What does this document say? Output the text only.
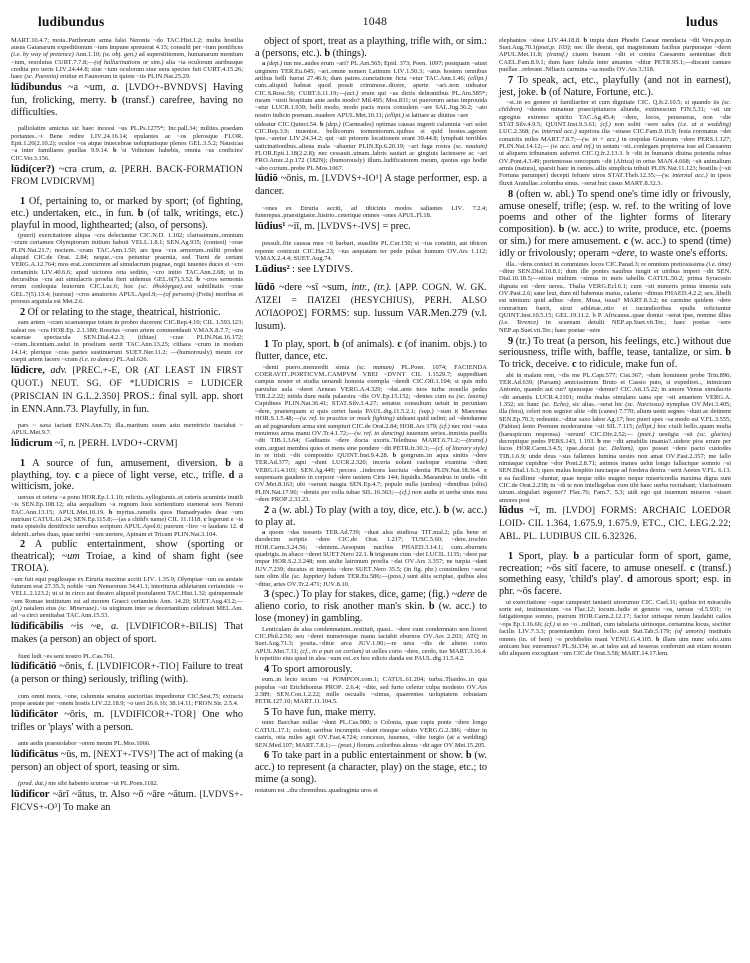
ludibundus	1048	ludus

MART.10.4.7; mota..Parthorum arma falsi Neronis ~do TAC.Hist.1.2; multa hostilia ausus Gaianarum expeditionum ~ium impune spreuerat 4.15; consulti per ~ium pontifices (i.e. by way of pretence) Ann.1.10; (w. obj. gen.) ad superstitionem, humanarum mentium ~ium, reuolutus CURT.7.7.8;—(of hallucinations or sim.) alia ~ia oculorum auribusque credita pro ueris LIV.24.44.8; siue ~ium oculorum siue uera species fuit CURT.4.15.26; haec (sc. Paeonia) eruitur et Faunorum in quiete ~iis PLIN.Nat.25.29.

lūdibundus ~a ~um, a. [LVDO+-BVNDVS] Having fun, frolicking, merry. b (transf.) carefree, having no difficulties.

palliolatim amictus sic haec incessi ~us PL.Ps.1275*; Inc.pall.34; milites..praedam portantes..~i Bene redire LIV.24.16.14; epulantes ac ~os plerosque FLOR. Epit.1.26(2.10.2); oculos ~os atque inuecebrae uoluptatisque plenos GEL.3.5.2; Nausicaa ~a inter familiares puellas 9.9.14. b 'si Volteium habebis, omnia ~us conficies' CIC.Ver.3.156.

lūdi(cer?) ~cra crum, a. [PERH. BACK-FORMATION FROM LVDICRVM]

1 Of, pertaining to, or marked by sport; (of fighting, etc.) undertaken, etc., in fun. b (of talk, writings, etc.) playful in mood, lighthearted; (also, of persons).

(pueri) exercitatione aliqua ~cra delectantur CIC.N.D. 1.102; clarissimum..omnium ~crum certamen Olympiorum initium habuit VELL.1.8.1; SEN.Ag.935; (contest) ~crae PLIN.Nat.21.7; noctem..~cram TAC.Ann.1.50; ars ipsa ~cra armorum..militi prodest aliquid CIC.de Orat. 2.84; neque..~cra petuntur praemia, sed Turni de certant VERG.A.12.764; mos erat..concurrere ad simulacrum pugnae, regii iuuenes duces ei ~cro certaminis LIV.40.6.6; apud uictores orta seditio, ~cro initio TAC.Ann.2.68; ut in decursibus ~cra aut simulacris proelia fieri uidemus GEL.6(7).3.52. b ~cros sermonis rerum conloquia leuiorum CIC.Luc.6; hoc (sc. ἐθολόγημα)..est subtilitatis ~crae GEL.7(5).13.4; (uorsus) ~cros amatorios APUL.Apol.9;—(of persons) (Fotis) moribus et prorsus argutula est Met.2.6.

2 Of or relating to the stage, theatrical, histrionic.

eam artem ~cram scaenamque totam in probro ducerent CIC.Rep.4.10; CIL 1.593.123; ualeat res ~cra HOR.Ep. 2.1.180; Roscius ~cram artem commendauit V.MAX.8.7.7; ~cra scaenae spectacula SEN.Dial.4.2.3; (tibiae) ~crae PLIN.Nat.16.172; ~cram..licentiam..uelut in proelium uertit TAC.Ann.13.25; cithara ~crum in modum 14.14; plerique ~cras partes sustinuerunt SUET.Ner.11.2; —(humorously) meum cor coepit artem facere ~cram (i.e. to dance) PL.Aul.626.

lūdicre, adv. [PREC.+-E, OR (AT LEAST IN FIRST QUOT.) NEUT. SG. OF *LUDICRIS = LUDICER (PRISCIAN IN G.L.2.350] PROS.: final syll. app. short in ENN.Ann.73. Playfully, in fun.

pars ~ saxa iactant ENN.Ann.73; illa..maritum suum astu meretricio tractabat ~ APUL.Met.9.7.

lūdicrum ~ī, n. [PERH. LVDO+-CRVM]

1 A source of fun, amusement, diversion. b a plaything, toy. c a piece of light verse, etc., trifle. d a witticism, joke.

uersus et cetera ~a pono HOR.Ep.1.1.10; relictis..syllogismis..et ceteris acuminis inutili ~is SEN.Ep.108.12; alia aequalium ~a regnum lusu sortientium euenerat sors Neroni TAC.Ann.13.15; APUL.Met.10.19. b myrtus..ramelis quos Hamadryades deae ~um nutriunt CATUL.61.24; SEN.Ep.115.8;—(as a child's name) CIL 11.1118. c legerunt e ~is meis epistolis dentifricio uersibus scriptum APUL.Apol.6; puerum ~liro ~o laudans 12. d delenit..urbes duas, quae uerbii ~um uertere, Apinam et Tricam PLIN.Nat.3.104.

2 A public entertainment, show (sporting or theatrical); ~um Troiae, a kind of sham fight (see TROIA).

~um fuit equi pugilesque ex Etruria maxime acciti LIV. 1.35.9; Olympiae ~um ea aestate futurum erat 27.35.3; nobile ~um Nemeorum 34.41.1; interiturus athletarum certaminis ~o VELL.2.123.2; ut si in circo aut theatro aliquod postularent TAC.Hist.1.32; quinquennale ~um Romae institutum est ad morem Graeci certaminis Ann. 14.20; SUET.Aug.43.2;—(pl.) natalem eius (sc. Mineruae)..~is uirginum inter se decertantium celebrant MEL.Am. ad ~a circi uentitabat TAC.Ann.15.53.

lūdificābilis ~is ~e, a. [LVDIFICOR+-BILIS] That makes (a person) an object of sport.

fiunt ludi ~es seni nostro PL.Cas.761.

lūdificātiō ~ōnis, f. [LVDIFICOR+-TIO] Failure to treat (a person or thing) seriously, trifling (with).

cum omni mora, ~one, calumnia senatus auctoritas impediretur CIC.Sest.75; extracta prope aestate per ~onem hostis LIV.22.18.9; ~o ueri 26.6.16; 38.14.11; FRON.Str. 2.5.4.

lūdificātor ~ōris, m. [LVDIFICOR+-TOR] One who trifles or 'plays' with a person.

ante aedis praestolabor ~orem meum PL.Mos.1066.

lūdificātus ~ūs, m. [NEXT+-TVS³] The act of making (a person) an object of sport, teasing or sim.

(pred. dat.) me sibi habento scurrae ~ui PL.Poen.1182.

lūdificor ~ārī ~ātus, tr. Also ~ō ~āre ~ātum. [LVDVS+-FICVS+-O³] To make an

object of sport, treat as a plaything, trifle with, or sim.: a (persons, etc.). b (things).

a (dep.) tun me..audes erum ~ari? PL.Am.565; Epid. 373; Poen. 1097; postquam ~atust uirginem TER.Eu.645; ~ari..omne nomen Latinum LIV.1.50.3; ~atus hostem omnibus artibus belli fuerat 27.46.6; dum patres..cunctatione ficta ~etur TAC.Ann.1.46; (ellipt.) cum..aliquid habeat quod possit criminose..dicere, aperte ~ari..non uideatur CIC.S.Rosc.56; CURT.6.11.19;—(act.) erum qui ~as dictis delirantibus PL.Am.585*; meam ~uisti hospitam ante aedis modo? Mil.495; Mos.831; ut puerorum aetas improuida ~etur LUCR.1.939; belli modo, modo pacis mora consulem ~are SAL.Jug.36.2; ~ato nostro indicio poenam..euadere APUL.Met.10.11; (ellipt.) si latitare ac diutius ~are

uideatur CIC.Quinct.54. b (dep.) (Carneades) optimas causas ingenii calumnia ~ari solet CIC.Rep.3.9; inuentor.. bellicorum tormentorum..quibus si quid hostes..agerent ipse..~aretur LIV.24.34.2; qui ~ati priorem locationem erant 39.44.8; lymphati terribles uaticinationibus..aliena mala ~abantur PLIN.Ep.6.20.19; ~ari fuga rostra (sc. nauium) FLOR.Epit.1.18(2.2.8); nec cessauit..utnam..labris sauiari ac gingiuis lactessere ac ~ari FRO.Amic.2.p.172 (182N); (humorously) illum..ludificatorem meum, quoius ego hodie ~abo corium..probe PL.Mos.1067.

lūdiō ~ōnis, m. [LVDVS+-IO¹] A stage performer, esp. a dancer.

~ones ex Etruria acciti, ad tibicinis modos saltantes LIV. 7.2.4; funerepus..praestigiator..histrio..ceterique omnes ~ones APUL.Fl.18.

lūdius¹ ~iī, m. [LVDVS+-IVS] = prec.

pessuli..fite caussa mea ~ii barbari, suasilite PL.Cur.150; si ~ius constitit, aut tibicen repente conticuit CIC.Har.23; ~ius aequatam ter pede pulsat humum OV.Ars 1.112; V.MAX.2.4.4; SUET.Aug.74.

Lūdius² : see LYDIVS.

lūdō ~dere ~sī ~sum, intr., (tr.). [APP. COGN. W. GK. ΛΊΖΕΙ = ΠΑΊΖΕΙ (HESYCHIUS), PERH. ALSO ΛΟΊΔΟΡΟΣ] FORMS: sup. lussum VAR.Men.279 (v.l. lusum).

1 To play, sport. b (of animals). c (of inanim. objs.) to flutter, dance, etc.

~denti puero..memordit simia (sc. manum) PL.Poen. 1074; FACIENDA COERAVIT..PORTICVM..CAMPVM VBEI ~DVNT CIL 1.1529.7; suppeditant campus noster et studia uenandi honesta exempla ~dendi CIC.Off.1.104; si quis mihi paruulus aula ~deret Aeneas VERG.A.4.329; ~dat..ante tuos turba nouella pedes TIB.2.2.22; nitida dum nuda palaestra ~dis OV.Ep.15.152; ~dentes cum ea (sc. leaena) Cupidines PLIN.Nat.36.41; STAT.Silv.3.4.27; senatus consultum uetuit in pecuniam ~dere, praeterquam si quis certet hasta PAUL.dig.11.5.2.1; (sup.) ~sum it Maecenas HOR.S.1.5.48;—(w. ref. to practice or mock fighting) uideant quid uelint; ad ~dendumne an ad pugnandum arma sint sumpturi CIC.de Orat.2.84; HOR.Ars 379; (cf.) nec nisi ~sura mouimus arma manu OV.Tr.4.1.72;—(w. ref. to dancing) iuuenum series..inmixta puellis ~dit TIB.1.3.64; Gaditanis ~dere docta uxoris..Telethusa MART.6.71.2;—(transf.) eum..urguet membra quies et mens sine pondere ~dit PETR.fr.30.3;—(cf. of literary style) in re tristi ~dit compositio QUINT.Inst.9.4.28. b gongrum..in aqua sinitis ~dere TER.Ad.377; agni ~dunt LUCR.2.320; incerta uolant caeloque examina ~dunt VERG.G.4.103; SEN.Ag.449; pecora ..indecora lasciuia ~dentia PLIN.Nat.18.364. c suspensam gaudens in corpore ~dere uestem Ciris 144; liquidis..Maeandrus in undis ~dit OV.Met.8.163; ubi ~serunt naugia SEN.Ep.4.7; populo nulla (umbra) ~dentibus (oliis) PLIN.Nat.17.90; ~dentis per colla iubae SIL.16.363;—(cf.) non audis et uerba sinis mea ~dere PROP.2.33.23.

2 a (w. abl.) To play (with a toy, dice, etc.). b (w. acc.) to play at.

a quom ~das tesseris TER.Ad.739; ~duat alea studiosa TIT.mal.2; pila bene et duodecim scriptis ~dere CIC.de Orat. 1.217; TUSC.5.60; ~dere..trochio HOR.Carm.3.24.56; ~dentem..Aesopum nucibus PHAED.3.14.1; cum..eburneis quadrigis..in abaco ~deret SUET.Nero 22.1. b trigonum cum ~det LUCIL.1135; ~dere par impar HOR.S.2.3.248; non stulte latronum proelia ~dat OV.Ars 3.357; ne turpia ~dant JUV.7.239; ducatus et imperia ~dere SUET.Nero 35.5; (in fig. phr.) consimilem ~serat iam olim ille (sc. Iuppiter) ludum TER.Eu.586;—(pass.) sunt aliis scriptae, quibus alea ~ditur, artes OV.Tr.2.471; JUV.8.10.

3 (spec.) To play for stakes, dice, game; (fig.) ~dere de alieno corio, to risk another man's skin. b (w. acc.) to lose (money) in gambling.

Lenticulam de alea condemnatum..restituit, quasi.. ~dere cum condemnato non liceret CIC.Phil.2.56; seu ~deret numerosque manu iactabit eburnos OV.Ars 2.203; ATQ in Suet.Aug.71.3; posita..~ditur arca JUV.1.90;—re uera ~dis de alieno corio APUL.Met.7.11; (cf., in a pun on corium) ut uelles corio ~dere, cerdo, tuo MART.3.16.4. b repetitio eius quod in alea ~sum est..ex hoc edicto danda est PAUL.dig.11.5.4.2.

4 To sport amorously.

eum..in lecto tecum ~si POMPON.com.1; CATUL.61.204; turba..Thaidos..in qua populus ~sit Erichthonius PROP. 2.6.4; ~dite, sed furto celetur culpa modesto OV.Ars 2.389; SEN.Con.1.2.22; mille oscualis ~simus, quaerentes uoluptatem robustam PETR.127.10; MART.11.104.5.

5 To have fun, make merry.

nunc Bacchae nullae ~dunt PL.Cas.980; o Colonia, quae cupis ponte ~dere longo CATUL.17.1; coloni; ueribus incomptis ~dunt risuque soluto VERG.G.2.386; ~ditur in castris, otia miles agit OV.Fast.4.724; concesso, iuuenes, ~dite iurgio (at a wedding) SEN.Med.107; MART.7.8.1;— (poet.) florum..coloribus almus ~dit ager OV.Met.15.205.

6 To take part in a public entertainment or show. b (w. acc.) to represent (a character, play) on the stage, etc.; to mime (a song).

notatum est ..diu chremibus..quadraginta uros et

elephantos ~sisse LIV.44.18.8. b impia dum Phoebi Caesar mendacia ~dit Vers.pop.in Suet.Aug.70.1(poet.p. 103); nec ille deerat, qui magistratum facibus purpuraque ~deret APUL.Met.11.8; (transf.) ciuem bonum ~dit et contra Caesarem sententiae dicit CAEL.Fam.8.9.1; dum haec fabula inter amantes ~ditur PETR.95.1;—discant cantare puellae ..referant..Niliacis carmina ~sa modis OV.Ars 3.318.

7 To speak, act, etc., playfully (and not in earnest), jest, joke. b (of Nature, Fortune, etc.).

~si..in eo genere et familiariter et cum dignitate CIC. Q.fr.2.10.5; si quando iis (sc. children) ~dentes minamur praecipitaturos aliunde, extimescunt FIN.5.31; ~sit uir egregius extremo spiritu TAC.Ag.45.4; ~dere, locos, perseueras, non ~die STAT.Silv.4.9.5; QUINT.Inst.9.3.61; (cf.) non soliti ~sere sales (i.e. at a wedding) LUC.2.368; (w. internal acc.) supriora ilia ~sinase CIC.Fam.9.16.9; festa coronatus ~det conuiciis miles MART.7.8.7;—(w. in + acc.) in crepidas Graiorum ~dere PERS.1.127; PLIN.Nat.14.12;— (w. acc. and inf.) in senatu ~sit..conlegam propterea isse ad Caesarem ut aliquem tribunatum auferret CIC.Q.fr.2.13.3. b ~dit in humanis diuina potentia rebus OV.Pont.4.3.49; portentosus orecopum ~dit (Africa) in ortus MAN.4.668; ~sit animalium armis (natura), sparsit haec in ramos..allis simplicia tribuit PLIN.Nat.11.123; hostilis (~sit Fortuna parumper) decepti fefuere uiros STAT.Theb.12.35;—(w. internal acc.) in ipsos fluxit Aratullae..columba sinus. ~serat huc casus MART.8.32.3.

8 (often w. abl.) To spend one's time idly or frivously, amuse oneself, trifle; (esp. w. ref. to the writing of love poems and other of the lighter forms of literary composition). b (w. acc.) to write, produce, etc. (poems or sim.) for mere amusement. c (w. acc.) to spend (time) idly or frivolously; operam ~dere, to waste one's efforts.

illa..~dens conieci in communes locos CIC.Parad.3; re omnium pretiosissima (i.e. time) ~ditur SEN.Dial.10.8.1; dum ille pontes nauibus iungit et uiribus imperi ~dit SEN. Dial.10.18.5;—otiosi multum ~simus in meis tabellis CATUL.50.2; prima Syracosio dignata est ~dere uersu.. Thalia VERG.Ecl.6.1; cum ~sit numeris prima inuenta suis OV.Past.2.6; sane leui, dum nil habemus maius, calamo ~dimus PHAED.4.2.2; sex..libelli est nimium: quid adhuc ~dere, Musa, iuuat? MART.8.3.2; ne carmine quidem ~dere contrarium fuerit, sicut athletae..otio et iucundioribus epulis reficiuntur QUINT.Inst.10.5.15; GEL.19.11.2. b P. Africanus..quae domui ~serat ipse, nomine illius (i.e. Terence) in scaenam detulit NEP.ap.Suet.vit.Ter.; haec poetae ~sere NEP.ap.Suet.vit.Ter.; haec poetae ~sere

9 (tr.) To treat (a person, his feelings, etc.) without due seriousness, trifle with, baffle, tease, tantalize, or sim. b To trick, deceive. c to ridicule, make fun of.

abi in malam rem, ~dis me PL.Capt.577; Cist.367; ~dum hominem probe Trin.896; TER.Ad.639; (Parsam) amicissimum Bruto et Cassio puto, si expediret.., inimicum Antonio, quando aut cur? quousque ~demur? CIC.Att.15.22; in amore Venus simulacris ~dit amantis LUCR.4.1101; multa malus simulans uana spe ~sit amantem VERG.A. 1.352; sic hanc (sc. Echo), sic alias..~serat hic (sc. Narcissus) nymphas OV.Met.3.405; illa (fera), celeri non segnior alite ~dit (canes) 7.770; alium uenti segnes ~dunt ac detinent SEN.Ep.70.3; redeunte..~ditur saxo labor Ag.17; hoc pueri spes ~sa modo est V.FL.3.555; (Fabius) lento Poenum moderamine ~sit SIL.7.115; (ellipt.) hoc ciuili bello..quam multa (haruspicum responsa) ~serunt! CIC.Div.2.52;— (poet.) uestigia ~sit (sc. glacies) decrepitque pedes PERS.143, 1.193. b me ~dit amabilis insania?..uideor pios errare per lucos HOR.Carm.3.4.5; ipse..docui (sc. Deliam), quo posset ~dere pacto custodes TIB.1.6.9; unde deus ~sus fallentes lumina uestes non amat OV.Fast.2.357; me fallo nimiaque cupidine ~dor Pont.2.8.71; animos inanes uelut longo fallacique somnio ~si SEN.Dial.1.6.3; quos malus hospitio iunctaque ad foedera dextra ~serit Aeetes V.FL. 6.13. c ea facillime ~duntur, quae neque odio magno neque misericordia maxima digna sunt CIC.de Orat.2.238; tu ~di te non intellegebas cum tibi haec uerba recitabant; 'clarissimum uirum..singulari ingenio'? Flac.76; Fam.7. 5.3; uidi ego qui iuuenum miseros ~sisset amores post

lūdus ~ī, m. [LVDO] FORMS: ARCHAIC LOEDOR LOID- CIL 1.364, 1.675.9, 1.675.9, ETC., CIC. LEG.2.22; ABL. PL. LUDIBUS CIL 6.32326.

1 Sport, play. b a particular form of sport, game, recreation; ~ōs sitī facere, to amuse oneself. c (transf.) something easy, 'child's play'. d amorous sport; esp. in phr. ~ōs facere.

ut exercitatione ~oque campestri tantaeit utrorumur CIC. Cael.11; quibus tot miraculis sorte est, testimonium ~os Flac.12; iocum..ludis et generis ~os, uersus ~d.5.931; ~o fatigationque somno, puerum HOR.Carm.2.12.17; factor utrisque rerum laudabit callos ~ops Ep.1.16.66; (cf.) si eo ~o ..militari, cum tabularia uirinoque..certamina locus, sociiter facilis LIV.7.3.3; praemiandum foroi bello..suit Stat.Tab.5.179; (of amoris) institutis omnes (in. of beni) ~o prohibebis mani VENU.G.4.105. b illam uim nunc solo..uim amicam huc eueramus? PL.St.334; se..at talos aut ad tesseras conferunt aut etiam nouum sibi aliquem excogitant ~um CIC.de Orat.3.58; MART.14.17.lem.
